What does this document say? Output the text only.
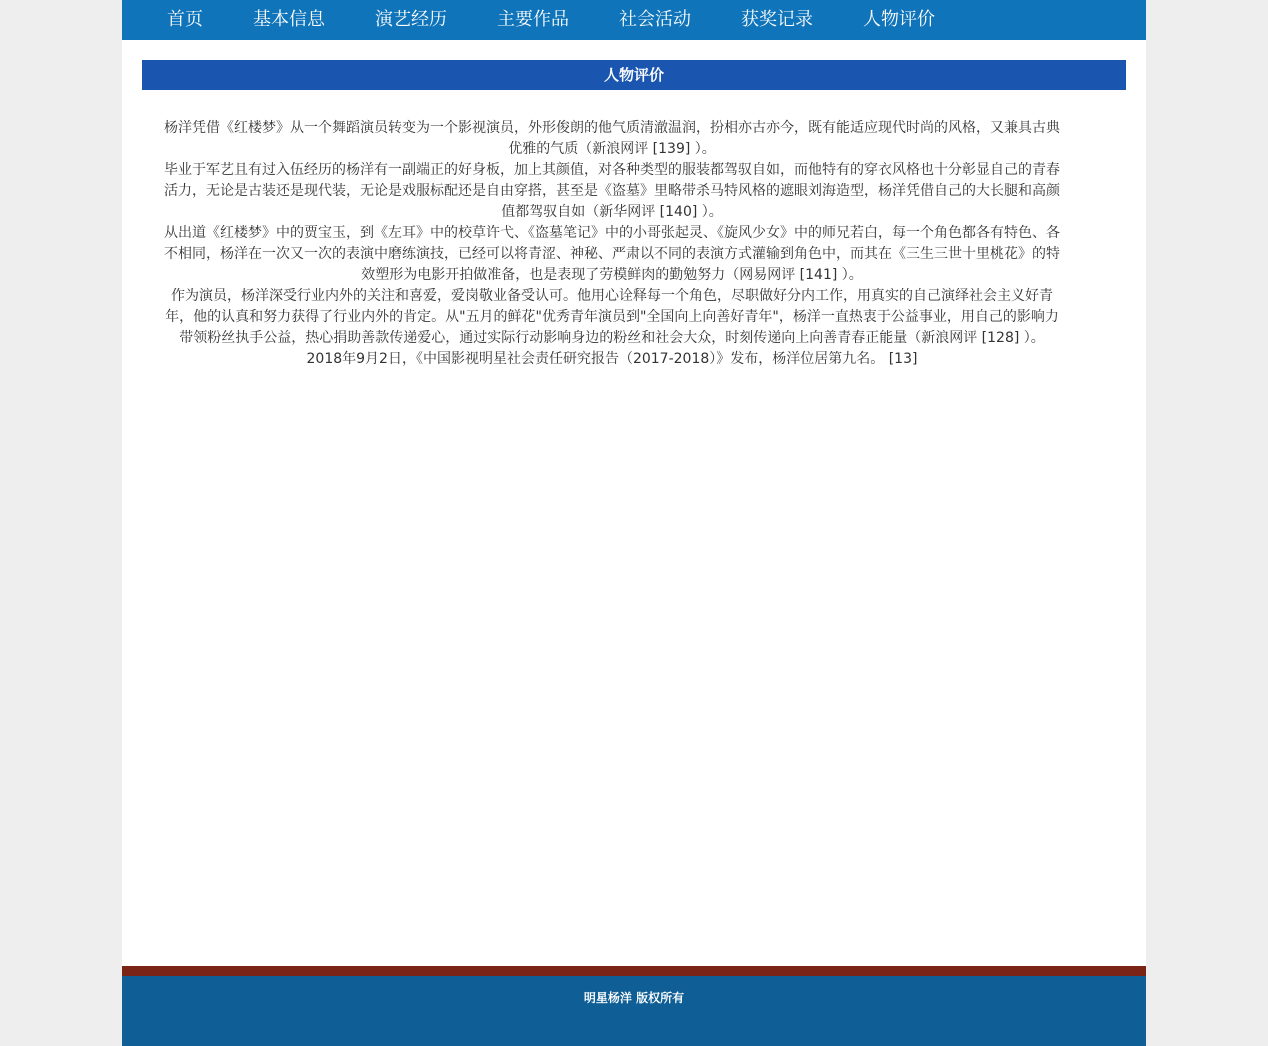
首页	基本信息	演艺经历	主要作品	社会活动	获奖记录	人物评价
人物评价

杨洋凭借《红楼梦》从一个舞蹈演员转变为一个影视演员，外形俊朗的他气质清澈温润，扮相亦古亦今，既有能适应现代时尚的风格，又兼具古典优雅的气质（新浪网评 [139] ）。

毕业于军艺且有过入伍经历的杨洋有一副端正的好身板，加上其颜值，对各种类型的服装都驾驭自如，而他特有的穿衣风格也十分彰显自己的青春活力，无论是古装还是现代装，无论是戏服标配还是自由穿搭，甚至是《盗墓》里略带杀马特风格的遮眼刘海造型，杨洋凭借自己的大长腿和高颜值都驾驭自如（新华网评 [140] ）。

从出道《红楼梦》中的贾宝玉，到《左耳》中的校草许弋、《盗墓笔记》中的小哥张起灵、《旋风少女》中的师兄若白，每一个角色都各有特色、各不相同，杨洋在一次又一次的表演中磨练演技，已经可以将青涩、神秘、严肃以不同的表演方式灌输到角色中，而其在《三生三世十里桃花》的特效塑形为电影开拍做准备，也是表现了劳模鲜肉的勤勉努力（网易网评 [141] ）。

作为演员，杨洋深受行业内外的关注和喜爱，爱岗敬业备受认可。他用心诠释每一个角色，尽职做好分内工作，用真实的自己演绎社会主义好青年，他的认真和努力获得了行业内外的肯定。从"五月的鲜花"优秀青年演员到"全国向上向善好青年"，杨洋一直热衷于公益事业，用自己的影响力带领粉丝执手公益，热心捐助善款传递爱心，通过实际行动影响身边的粉丝和社会大众，时刻传递向上向善青春正能量（新浪网评 [128] ）。

2018年9月2日，《中国影视明星社会责任研究报告（2017-2018）》发布，杨洋位居第九名。 [13]

明星杨洋 版权所有
